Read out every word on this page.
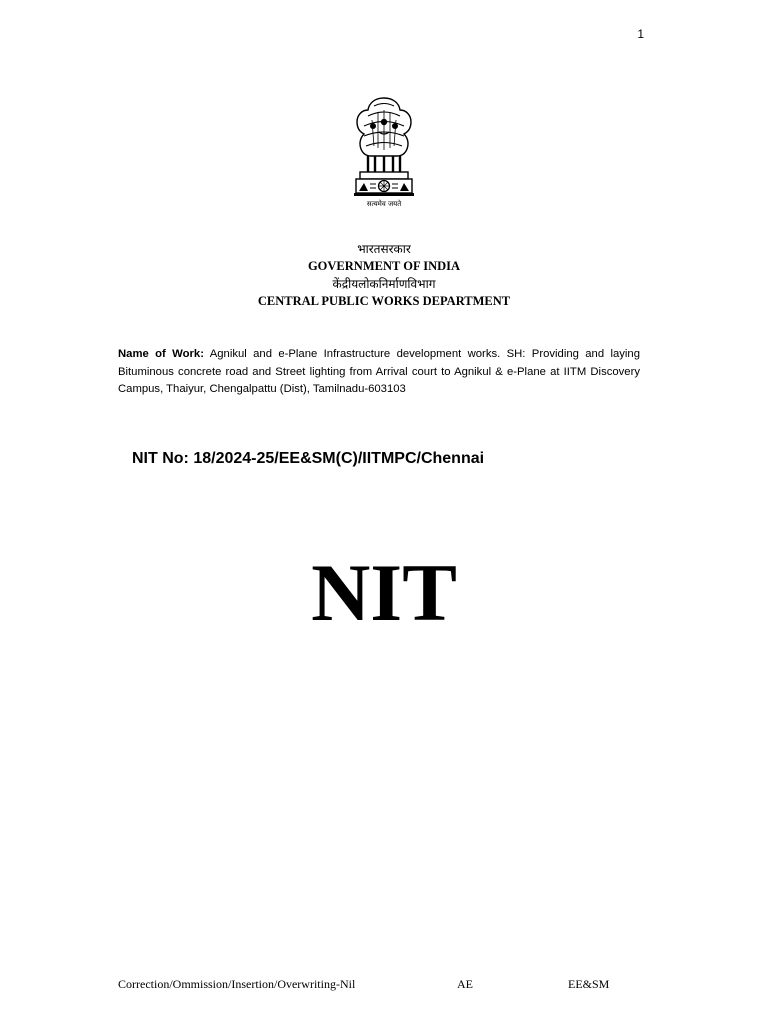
1
सत्यमेव जयते
भारतसरकार
GOVERNMENT OF INDIA
केंद्रीयलोकनिर्माणविभाग
CENTRAL PUBLIC WORKS DEPARTMENT
Name of Work: Agnikul and e-Plane Infrastructure development works. SH: Providing and laying Bituminous concrete road and Street lighting from Arrival court to Agnikul & e-Plane at IITM Discovery Campus, Thaiyur, Chengalpattu (Dist), Tamilnadu-603103
NIT No: 18/2024-25/EE&SM(C)/IITMPC/Chennai
NIT
Correction/Ommission/Insertion/Overwriting-Nil	AE	EE&SM
